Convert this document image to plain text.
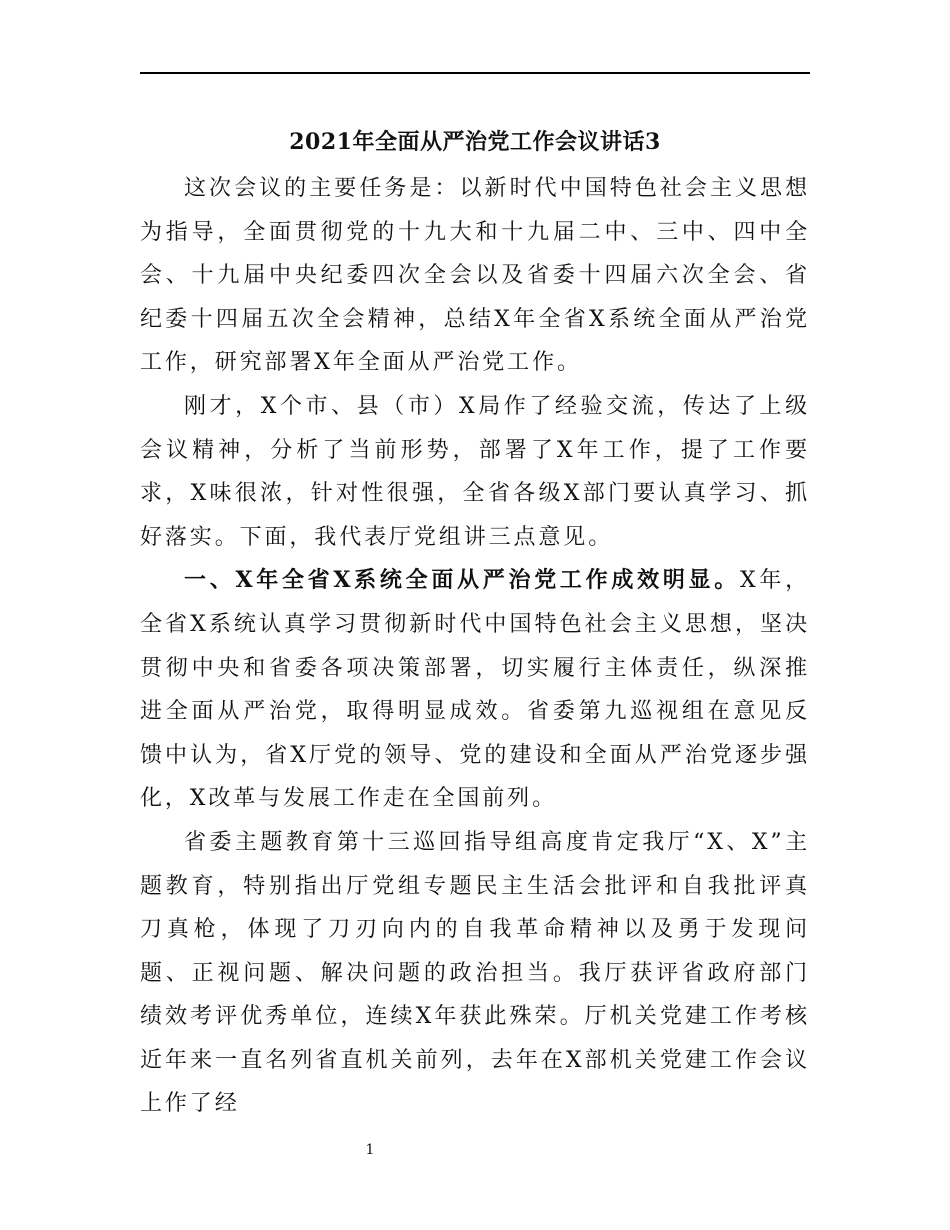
2021年全面从严治党工作会议讲话3

这次会议的主要任务是：以新时代中国特色社会主义思想为指导，全面贯彻党的十九大和十九届二中、三中、四中全会、十九届中央纪委四次全会以及省委十四届六次全会、省纪委十四届五次全会精神，总结X年全省X系统全面从严治党工作，研究部署X年全面从严治党工作。

刚才，X个市、县（市）X局作了经验交流，传达了上级会议精神，分析了当前形势，部署了X年工作，提了工作要求，X味很浓，针对性很强，全省各级X部门要认真学习、抓好落实。下面，我代表厅党组讲三点意见。

一、X年全省X系统全面从严治党工作成效明显。X年，全省X系统认真学习贯彻新时代中国特色社会主义思想，坚决贯彻中央和省委各项决策部署，切实履行主体责任，纵深推进全面从严治党，取得明显成效。省委第九巡视组在意见反馈中认为，省X厅党的领导、党的建设和全面从严治党逐步强化，X改革与发展工作走在全国前列。

省委主题教育第十三巡回指导组高度肯定我厅“X、X”主题教育，特别指出厅党组专题民主生活会批评和自我批评真刀真枪，体现了刀刃向内的自我革命精神以及勇于发现问题、正视问题、解决问题的政治担当。我厅获评省政府部门绩效考评优秀单位，连续X年获此殊荣。厅机关党建工作考核近年来一直名列省直机关前列，去年在X部机关党建工作会议上作了经

1
